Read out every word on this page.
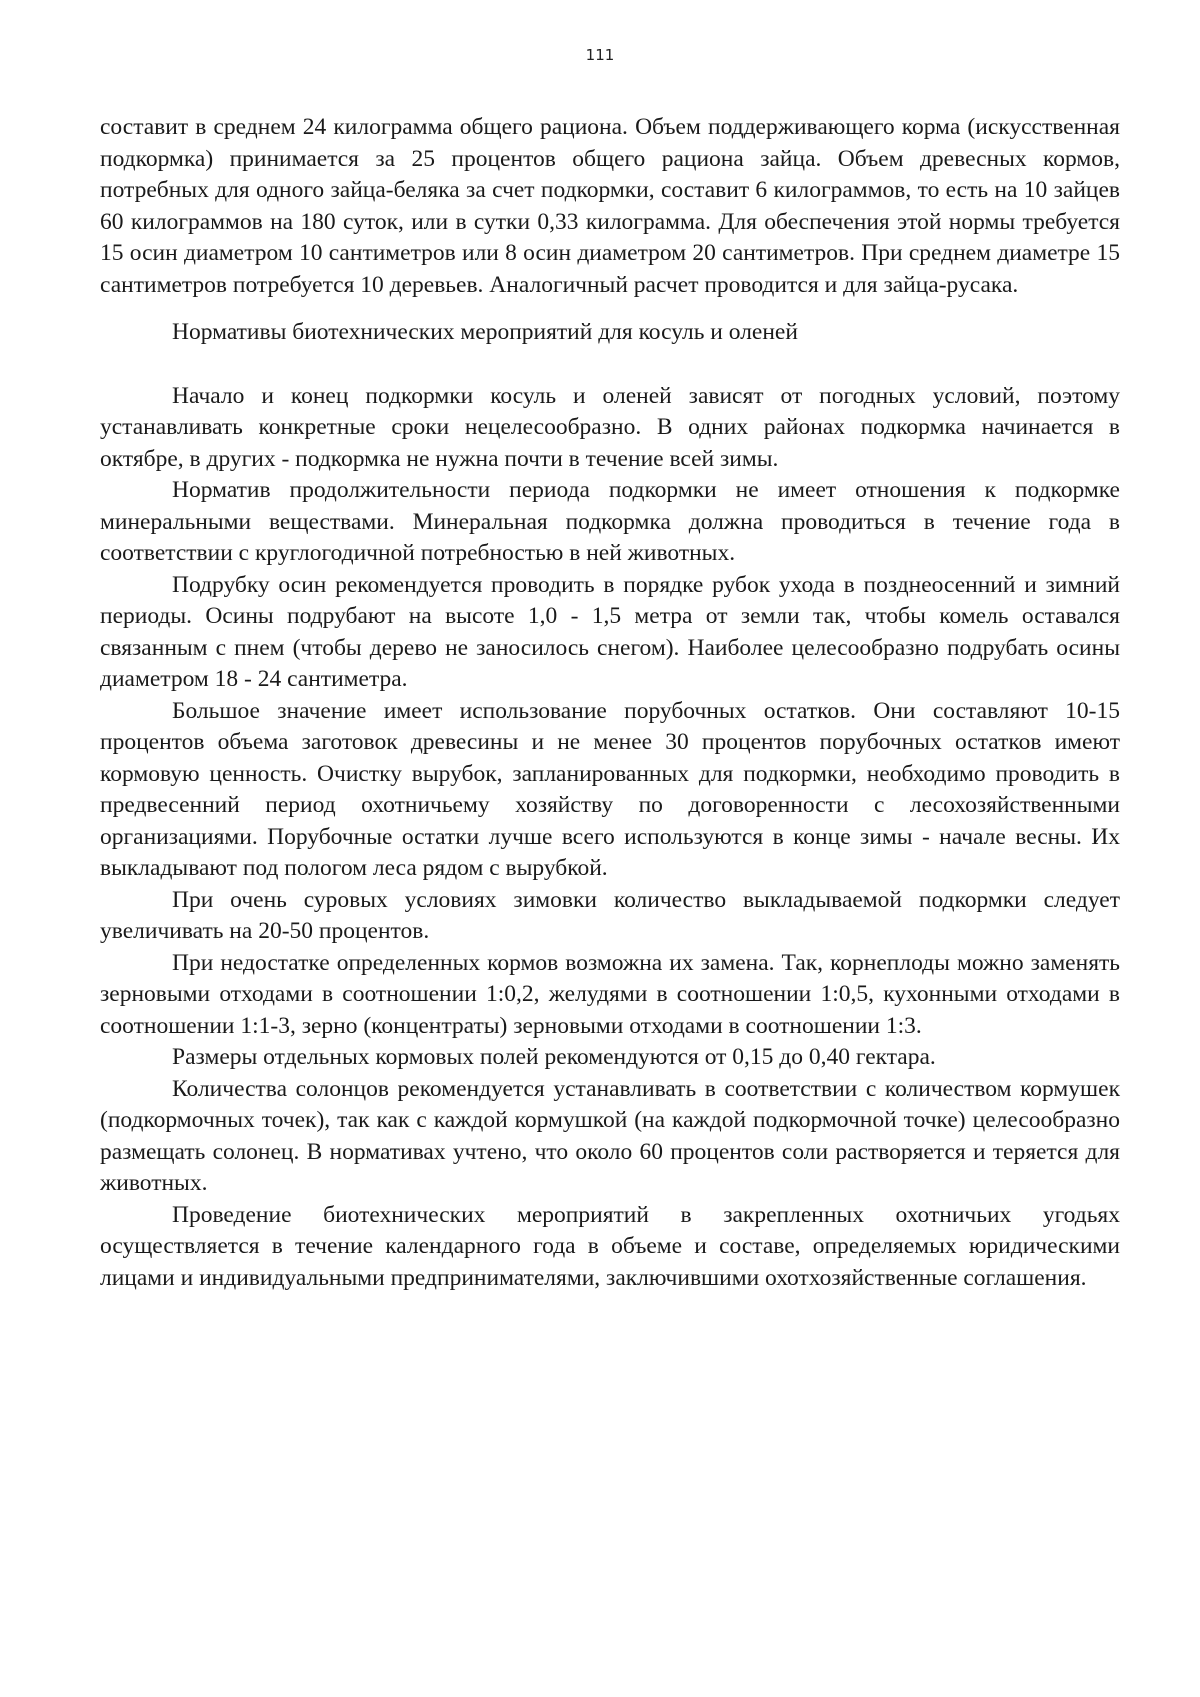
111

составит в среднем 24 килограмма общего рациона. Объем поддерживающего корма (искусственная подкормка) принимается за 25 процентов общего рациона зайца. Объем древесных кормов, потребных для одного зайца-беляка за счет подкормки, составит 6 килограммов, то есть на 10 зайцев 60 килограммов на 180 суток, или в сутки 0,33 килограмма. Для обеспечения этой нормы требуется 15 осин диаметром 10 сантиметров или 8 осин диаметром 20 сантиметров. При среднем диаметре 15 сантиметров потребуется 10 деревьев. Аналогичный расчет проводится и для зайца-русака.

Нормативы биотехнических мероприятий для косуль и оленей

Начало и конец подкормки косуль и оленей зависят от погодных условий, поэтому устанавливать конкретные сроки нецелесообразно. В одних районах подкормка начинается в октябре, в других - подкормка не нужна почти в течение всей зимы.

Норматив продолжительности периода подкормки не имеет отношения к подкормке минеральными веществами. Минеральная подкормка должна проводиться в течение года в соответствии с круглогодичной потребностью в ней животных.

Подрубку осин рекомендуется проводить в порядке рубок ухода в позднеосенний и зимний периоды. Осины подрубают на высоте 1,0 - 1,5 метра от земли так, чтобы комель оставался связанным с пнем (чтобы дерево не заносилось снегом). Наиболее целесообразно подрубать осины диаметром 18 - 24 сантиметра.

Большое значение имеет использование порубочных остатков. Они составляют 10-15 процентов объема заготовок древесины и не менее 30 процентов порубочных остатков имеют кормовую ценность. Очистку вырубок, запланированных для подкормки, необходимо проводить в предвесенний период охотничьему хозяйству по договоренности с лесохозяйственными организациями. Порубочные остатки лучше всего используются в конце зимы - начале весны. Их выкладывают под пологом леса рядом с вырубкой.

При очень суровых условиях зимовки количество выкладываемой подкормки следует увеличивать на 20-50 процентов.

При недостатке определенных кормов возможна их замена. Так, корнеплоды можно заменять зерновыми отходами в соотношении 1:0,2, желудями в соотношении 1:0,5, кухонными отходами в соотношении 1:1-3, зерно (концентраты) зерновыми отходами в соотношении 1:3.

Размеры отдельных кормовых полей рекомендуются от 0,15 до 0,40 гектара.

Количества солонцов рекомендуется устанавливать в соответствии с количеством кормушек (подкормочных точек), так как с каждой кормушкой (на каждой подкормочной точке) целесообразно размещать солонец. В нормативах учтено, что около 60 процентов соли растворяется и теряется для животных.

Проведение биотехнических мероприятий в закрепленных охотничьих угодьях осуществляется в течение календарного года в объеме и составе, определяемых юридическими лицами и индивидуальными предпринимателями, заключившими охотхозяйственные соглашения.
